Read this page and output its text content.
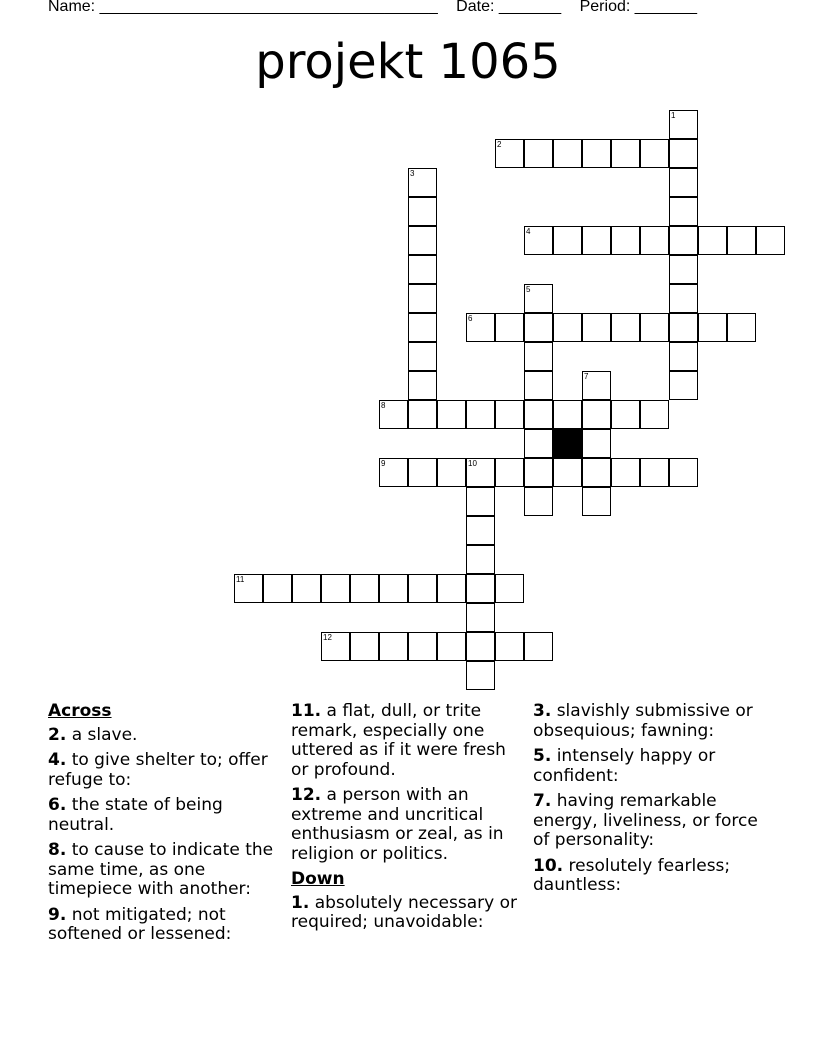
Name: ______________________________________ Date: _______ Period: _______
projekt 1065
1
2
3
4
5
6
7
8
9	10
11
12
Across
2. a slave.
4. to give shelter to; offer refuge to:
6. the state of being neutral.
8. to cause to indicate the same time, as one timepiece with another:
9. not mitigated; not softened or lessened:
11. a flat, dull, or trite remark, especially one uttered as if it were fresh or profound.
12. a person with an extreme and uncritical enthusiasm or zeal, as in religion or politics.
Down
1. absolutely necessary or required; unavoidable:
3. slavishly submissive or obsequious; fawning:
5. intensely happy or confident:
7. having remarkable energy, liveliness, or force of personality:
10. resolutely fearless; dauntless:
